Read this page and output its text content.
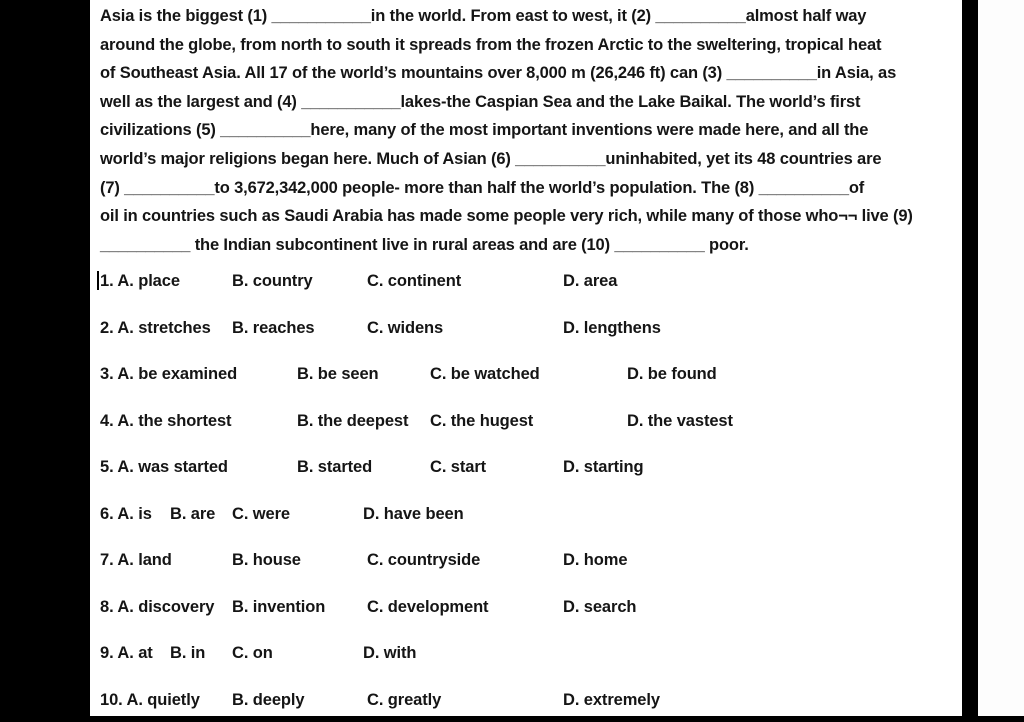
Asia is the biggest (1) ___________in the world. From east to west, it (2) __________almost half way
around the globe, from north to south it spreads from the frozen Arctic to the sweltering, tropical heat
of Southeast Asia. All 17 of the world’s mountains over 8,000 m (26,246 ft) can (3) __________in Asia, as
well as the largest and (4) ___________lakes-the Caspian Sea and the Lake Baikal. The world’s first
civilizations (5) __________here, many of the most important inventions were made here, and all the
world’s major religions began here. Much of Asian (6) __________uninhabited, yet its 48 countries are
(7) __________to 3,672,342,000 people- more than half the world’s population. The (8) __________of
oil in countries such as Saudi Arabia has made some people very rich, while many of those who¬¬ live (9)
__________ the Indian subcontinent live in rural areas and are (10) __________ poor.
1. A. place	B. country	C. continent	D. area
2. A. stretches	B. reaches	C. widens	D. lengthens
3. A. be examined	B. be seen	C. be watched	D. be found
4. A. the shortest	B. the deepest	C. the hugest	D. the vastest
5. A. was started	B. started	C. start	D. starting
6. A. is	B. are	C. were	D. have been
7. A. land	B. house	C. countryside	D. home
8. A. discovery	B. invention	C. development	D. search
9. A. at	B. in	C. on	D. with
10. A. quietly	B. deeply	C. greatly	D. extremely
